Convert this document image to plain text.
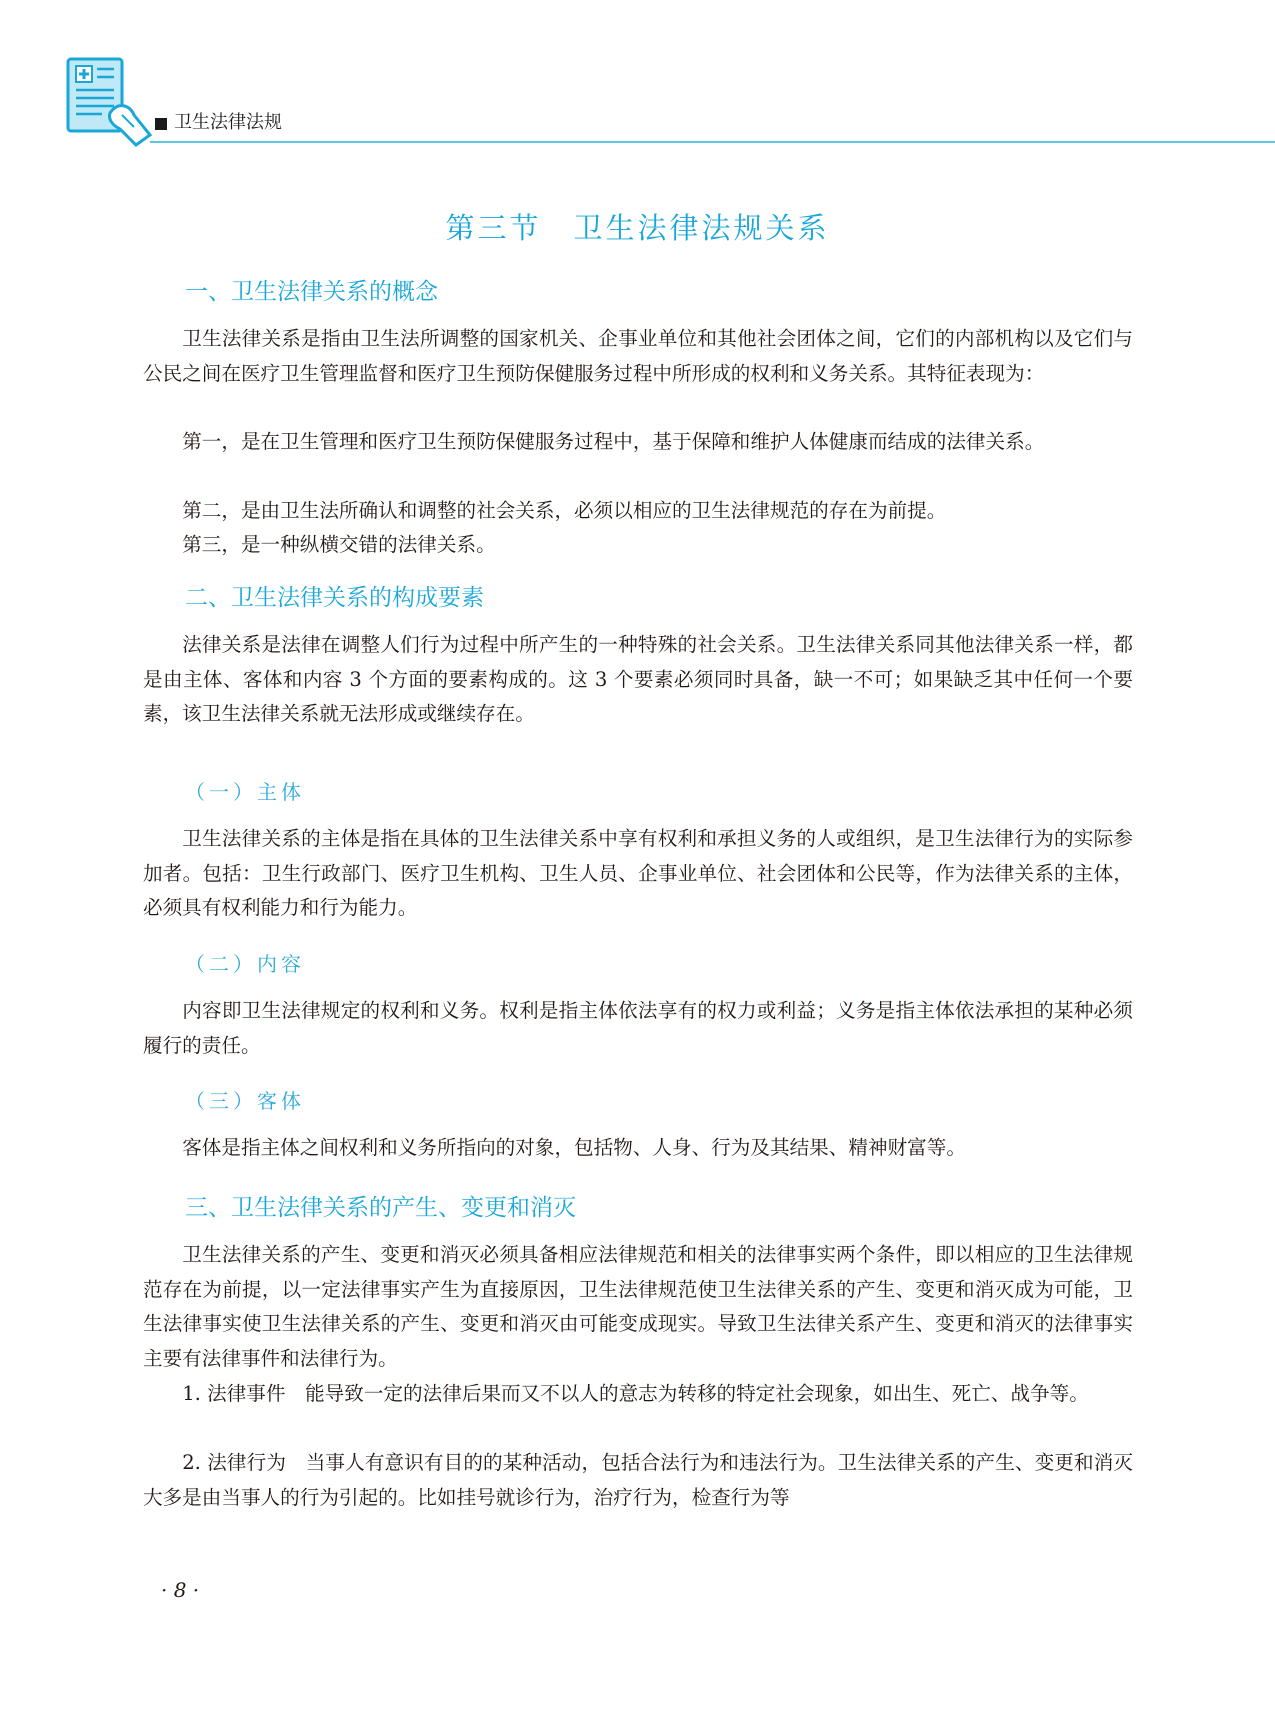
卫生法律法规
第三节　卫生法律法规关系
一、卫生法律关系的概念

卫生法律关系是指由卫生法所调整的国家机关、企事业单位和其他社会团体之间，它们的内部机构以及它们与公民之间在医疗卫生管理监督和医疗卫生预防保健服务过程中所形成的权利和义务关系。其特征表现为：

第一，是在卫生管理和医疗卫生预防保健服务过程中，基于保障和维护人体健康而结成的法律关系。

第二，是由卫生法所确认和调整的社会关系，必须以相应的卫生法律规范的存在为前提。

第三，是一种纵横交错的法律关系。

二、卫生法律关系的构成要素

法律关系是法律在调整人们行为过程中所产生的一种特殊的社会关系。卫生法律关系同其他法律关系一样，都是由主体、客体和内容 3 个方面的要素构成的。这 3 个要素必须同时具备，缺一不可；如果缺乏其中任何一个要素，该卫生法律关系就无法形成或继续存在。

（一）主体

卫生法律关系的主体是指在具体的卫生法律关系中享有权利和承担义务的人或组织，是卫生法律行为的实际参加者。包括：卫生行政部门、医疗卫生机构、卫生人员、企事业单位、社会团体和公民等，作为法律关系的主体，必须具有权利能力和行为能力。

（二）内容

内容即卫生法律规定的权利和义务。权利是指主体依法享有的权力或利益；义务是指主体依法承担的某种必须履行的责任。

（三）客体

客体是指主体之间权利和义务所指向的对象，包括物、人身、行为及其结果、精神财富等。

三、卫生法律关系的产生、变更和消灭

卫生法律关系的产生、变更和消灭必须具备相应法律规范和相关的法律事实两个条件，即以相应的卫生法律规范存在为前提，以一定法律事实产生为直接原因，卫生法律规范使卫生法律关系的产生、变更和消灭成为可能，卫生法律事实使卫生法律关系的产生、变更和消灭由可能变成现实。导致卫生法律关系产生、变更和消灭的法律事实主要有法律事件和法律行为。

1. 法律事件　能导致一定的法律后果而又不以人的意志为转移的特定社会现象，如出生、死亡、战争等。

2. 法律行为　当事人有意识有目的的某种活动，包括合法行为和违法行为。卫生法律关系的产生、变更和消灭大多是由当事人的行为引起的。比如挂号就诊行为，治疗行为，检查行为等

· 8 ·
